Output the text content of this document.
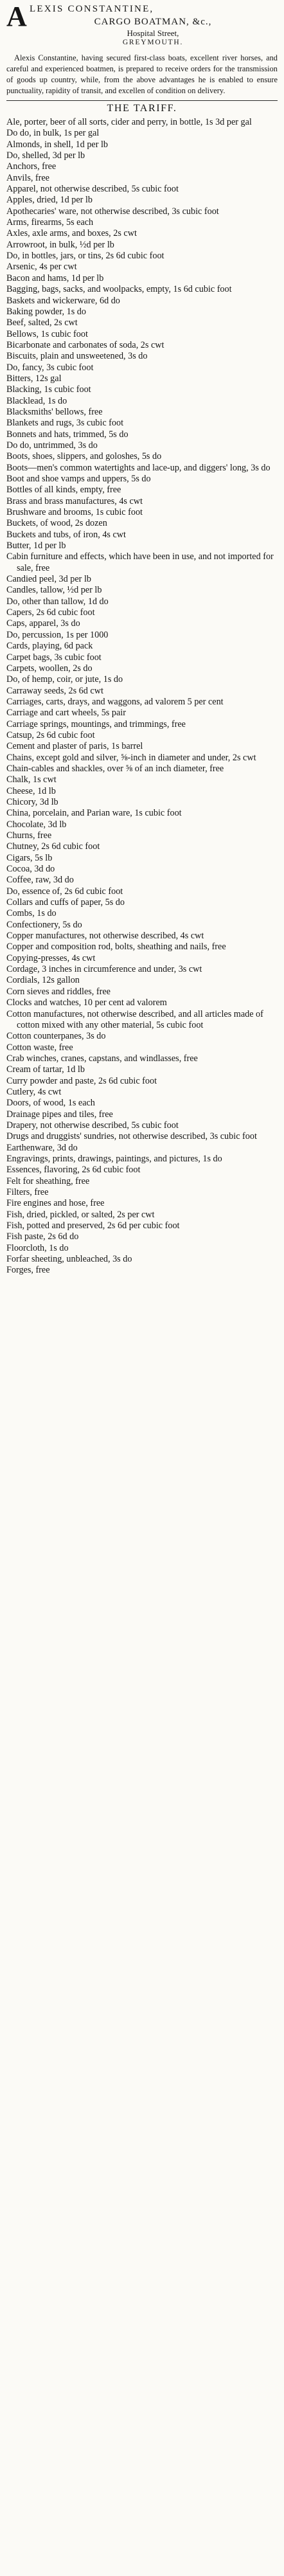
A LEXIS CONSTANTINE,
CARGO BOATMAN, &c.,
Hospital Street,
GREYMOUTH.

Alexis Constantine, having secured first-class boats, excellent river horses, and careful and experienced boatmen, is prepared to receive orders for the transmission of goods up country, while, from the above advantages he is enabled to ensure punctuality, rapidity of transit, and excellen of condition on delivery.

THE TARIFF.
Ale, porter, beer of all sorts, cider and perry, in bottle, 1s 3d per gal
Do do, in bulk, 1s per gal
Almonds, in shell, 1d per lb
Do, shelled, 3d per lb
Anchors, free
Anvils, free
Apparel, not otherwise described, 5s cubic foot
Apples, dried, 1d per lb
Apothecaries' ware, not otherwise described, 3s cubic foot
Arms, firearms, 5s each
Axles, axle arms, and boxes, 2s cwt
Arrowroot, in bulk, ½d per lb
Do, in bottles, jars, or tins, 2s 6d cubic foot
Arsenic, 4s per cwt
Bacon and hams, 1d per lb
Bagging, bags, sacks, and woolpacks, empty, 1s 6d cubic foot
Baskets and wickerware, 6d do
Baking powder, 1s do
Beef, salted, 2s cwt
Bellows, 1s cubic foot
Bicarbonate and carbonates of soda, 2s cwt
Biscuits, plain and unsweetened, 3s do
Do, fancy, 3s cubic foot
Bitters, 12s gal
Blacking, 1s cubic foot
Blacklead, 1s do
Blacksmiths' bellows, free
Blankets and rugs, 3s cubic foot
Bonnets and hats, trimmed, 5s do
Do do, untrimmed, 3s do
Boots, shoes, slippers, and goloshes, 5s do
Boots—men's common watertights and lace-up, and diggers' long, 3s do
Boot and shoe vamps and uppers, 5s do
Bottles of all kinds, empty, free
Brass and brass manufactures, 4s cwt
Brushware and brooms, 1s cubic foot
Buckets, of wood, 2s dozen
Buckets and tubs, of iron, 4s cwt
Butter, 1d per lb
Cabin furniture and effects, which have been in use, and not imported for sale, free
Candied peel, 3d per lb
Candles, tallow, ½d per lb
Do, other than tallow, 1d do
Capers, 2s 6d cubic foot
Caps, apparel, 3s do
Do, percussion, 1s per 1000
Cards, playing, 6d pack
Carpet bags, 3s cubic foot
Carpets, woollen, 2s do
Do, of hemp, coir, or jute, 1s do
Carraway seeds, 2s 6d cwt
Carriages, carts, drays, and waggons, ad valorem 5 per cent
Carriage and cart wheels, 5s pair
Carriage springs, mountings, and trimmings, free
Catsup, 2s 6d cubic foot
Cement and plaster of paris, 1s barrel
Chains, except gold and silver, ⅝-inch in diameter and under, 2s cwt
Chain-cables and shackles, over ⅝ of an inch diameter, free
Chalk, 1s cwt
Cheese, 1d lb
Chicory, 3d lb
China, porcelain, and Parian ware, 1s cubic foot
Chocolate, 3d lb
Churns, free
Chutney, 2s 6d cubic foot
Cigars, 5s lb
Cocoa, 3d do
Coffee, raw, 3d do
Do, essence of, 2s 6d cubic foot
Collars and cuffs of paper, 5s do
Combs, 1s do
Confectionery, 5s do
Copper manufactures, not otherwise described, 4s cwt
Copper and composition rod, bolts, sheathing and nails, free
Copying-presses, 4s cwt
Cordage, 3 inches in circumference and under, 3s cwt
Cordials, 12s gallon
Corn sieves and riddles, free
Clocks and watches, 10 per cent ad valorem
Cotton manufactures, not otherwise described, and all articles made of cotton mixed with any other material, 5s cubic foot
Cotton counterpanes, 3s do
Cotton waste, free
Crab winches, cranes, capstans, and windlasses, free
Cream of tartar, 1d lb
Curry powder and paste, 2s 6d cubic foot
Cutlery, 4s cwt
Doors, of wood, 1s each
Drainage pipes and tiles, free
Drapery, not otherwise described, 5s cubic foot
Drugs and druggists' sundries, not otherwise described, 3s cubic foot
Earthenware, 3d do
Engravings, prints, drawings, paintings, and pictures, 1s do
Essences, flavoring, 2s 6d cubic foot
Felt for sheathing, free
Filters, free
Fire engines and hose, free
Fish, dried, pickled, or salted, 2s per cwt
Fish, potted and preserved, 2s 6d per cubic foot
Fish paste, 2s 6d do
Floorcloth, 1s do
Forfar sheeting, unbleached, 3s do
Forges, free
